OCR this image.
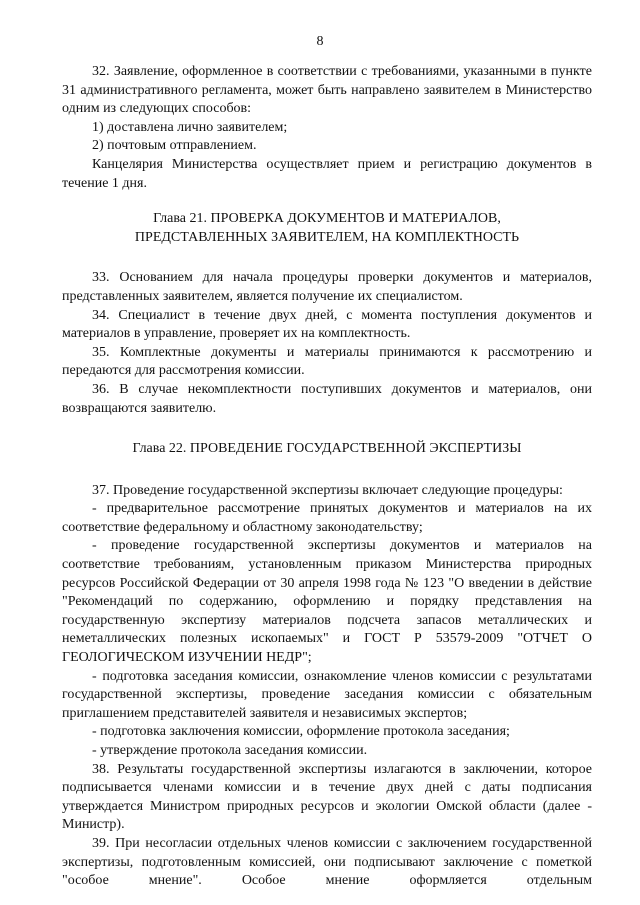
8

32. Заявление, оформленное в соответствии с требованиями, указанными в пункте 31 административного регламента, может быть направлено заявителем в Министерство одним из следующих способов:

1) доставлена лично заявителем;

2) почтовым отправлением.

Канцелярия Министерства осуществляет прием и регистрацию документов в течение 1 дня.

Глава 21. ПРОВЕРКА ДОКУМЕНТОВ И МАТЕРИАЛОВ,
ПРЕДСТАВЛЕННЫХ ЗАЯВИТЕЛЕМ, НА КОМПЛЕКТНОСТЬ

33. Основанием для начала процедуры проверки документов и материалов, представленных заявителем, является получение их специалистом.

34. Специалист в течение двух дней, с момента поступления документов и материалов в управление, проверяет их на комплектность.

35. Комплектные документы и материалы принимаются к рассмотрению и передаются для рассмотрения комиссии.

36. В случае некомплектности поступивших документов и материалов, они возвращаются заявителю.

Глава 22. ПРОВЕДЕНИЕ ГОСУДАРСТВЕННОЙ ЭКСПЕРТИЗЫ

37. Проведение государственной экспертизы включает следующие процедуры:

- предварительное рассмотрение принятых документов и материалов на их соответствие федеральному и областному законодательству;

- проведение государственной экспертизы документов и материалов на соответствие требованиям, установленным приказом Министерства природных ресурсов Российской Федерации от 30 апреля 1998 года № 123 "О введении в действие "Рекомендаций по содержанию, оформлению и порядку представления на государственную экспертизу материалов подсчета запасов металлических и неметаллических полезных ископаемых" и ГОСТ Р 53579-2009 "ОТЧЕТ О

ГЕОЛОГИЧЕСКОМ ИЗУЧЕНИИ НЕДР";

- подготовка заседания комиссии, ознакомление членов комиссии с результатами государственной экспертизы, проведение заседания комиссии с обязательным приглашением представителей заявителя и независимых экспертов;

- подготовка заключения комиссии, оформление протокола заседания;

- утверждение протокола заседания комиссии.

38. Результаты государственной экспертизы излагаются в заключении, которое подписывается членами комиссии и в течение двух дней с даты подписания утверждается Министром природных ресурсов и экологии Омской области (далее - Министр).

39. При несогласии отдельных членов комиссии с заключением государственной экспертизы, подготовленным комиссией, они подписывают заключение с пометкой "особое мнение". Особое мнение оформляется отдельным
